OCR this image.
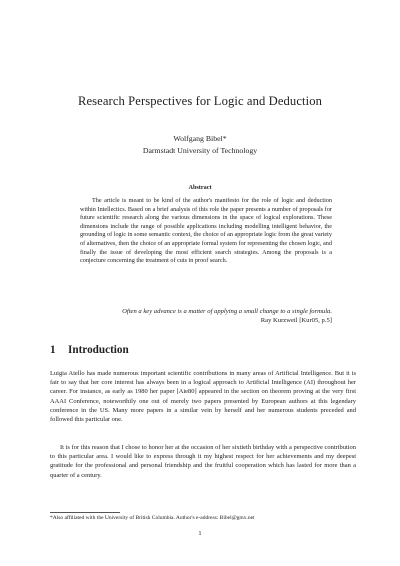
Research Perspectives for Logic and Deduction
Wolfgang Bibel*
Darmstadt University of Technology
Abstract

The article is meant to be kind of the author's manifesto for the role of logic and deduction within Intellectics. Based on a brief analysis of this role the paper presents a number of proposals for future scientific research along the various dimensions in the space of logical explorations. These dimensions include the range of possible applications including modelling intelligent behavior, the grounding of logic in some semantic context, the choice of an appropriate logic from the great variety of alternatives, then the choice of an appropriate formal system for representing the chosen logic, and finally the issue of developing the most efficient search strategies. Among the proposals is a conjecture concerning the treatment of cuts in proof search.

Often a key advance is a matter of applying a small change to a single formula.
Ray Kurzweil [Kur05, p.5]
1 Introduction

Luigia Aiello has made numerous important scientific contributions in many areas of Artificial Intelligence. But it is fair to say that her core interest has always been in a logical approach to Artificial Intelligence (AI) throughout her career. For instance, as early as 1980 her paper [Aie80] appeared in the section on theorem proving at the very first AAAI Conference, noteworthily one out of merely two papers presented by European authors at this legendary conference in the US. Many more papers in a similar vein by herself and her numerous students preceded and followed this particular one.

It is for this reason that I chose to honor her at the occasion of her sixtieth birthday with a perspective contribution to this particular area. I would like to express through it my highest respect for her achievements and my deepest gratitude for the professional and personal friendship and the fruitful cooperation which has lasted for more than a quarter of a century.

*Also affiliated with the University of British Columbia. Author's e-address: Bibel@gmx.net

1
